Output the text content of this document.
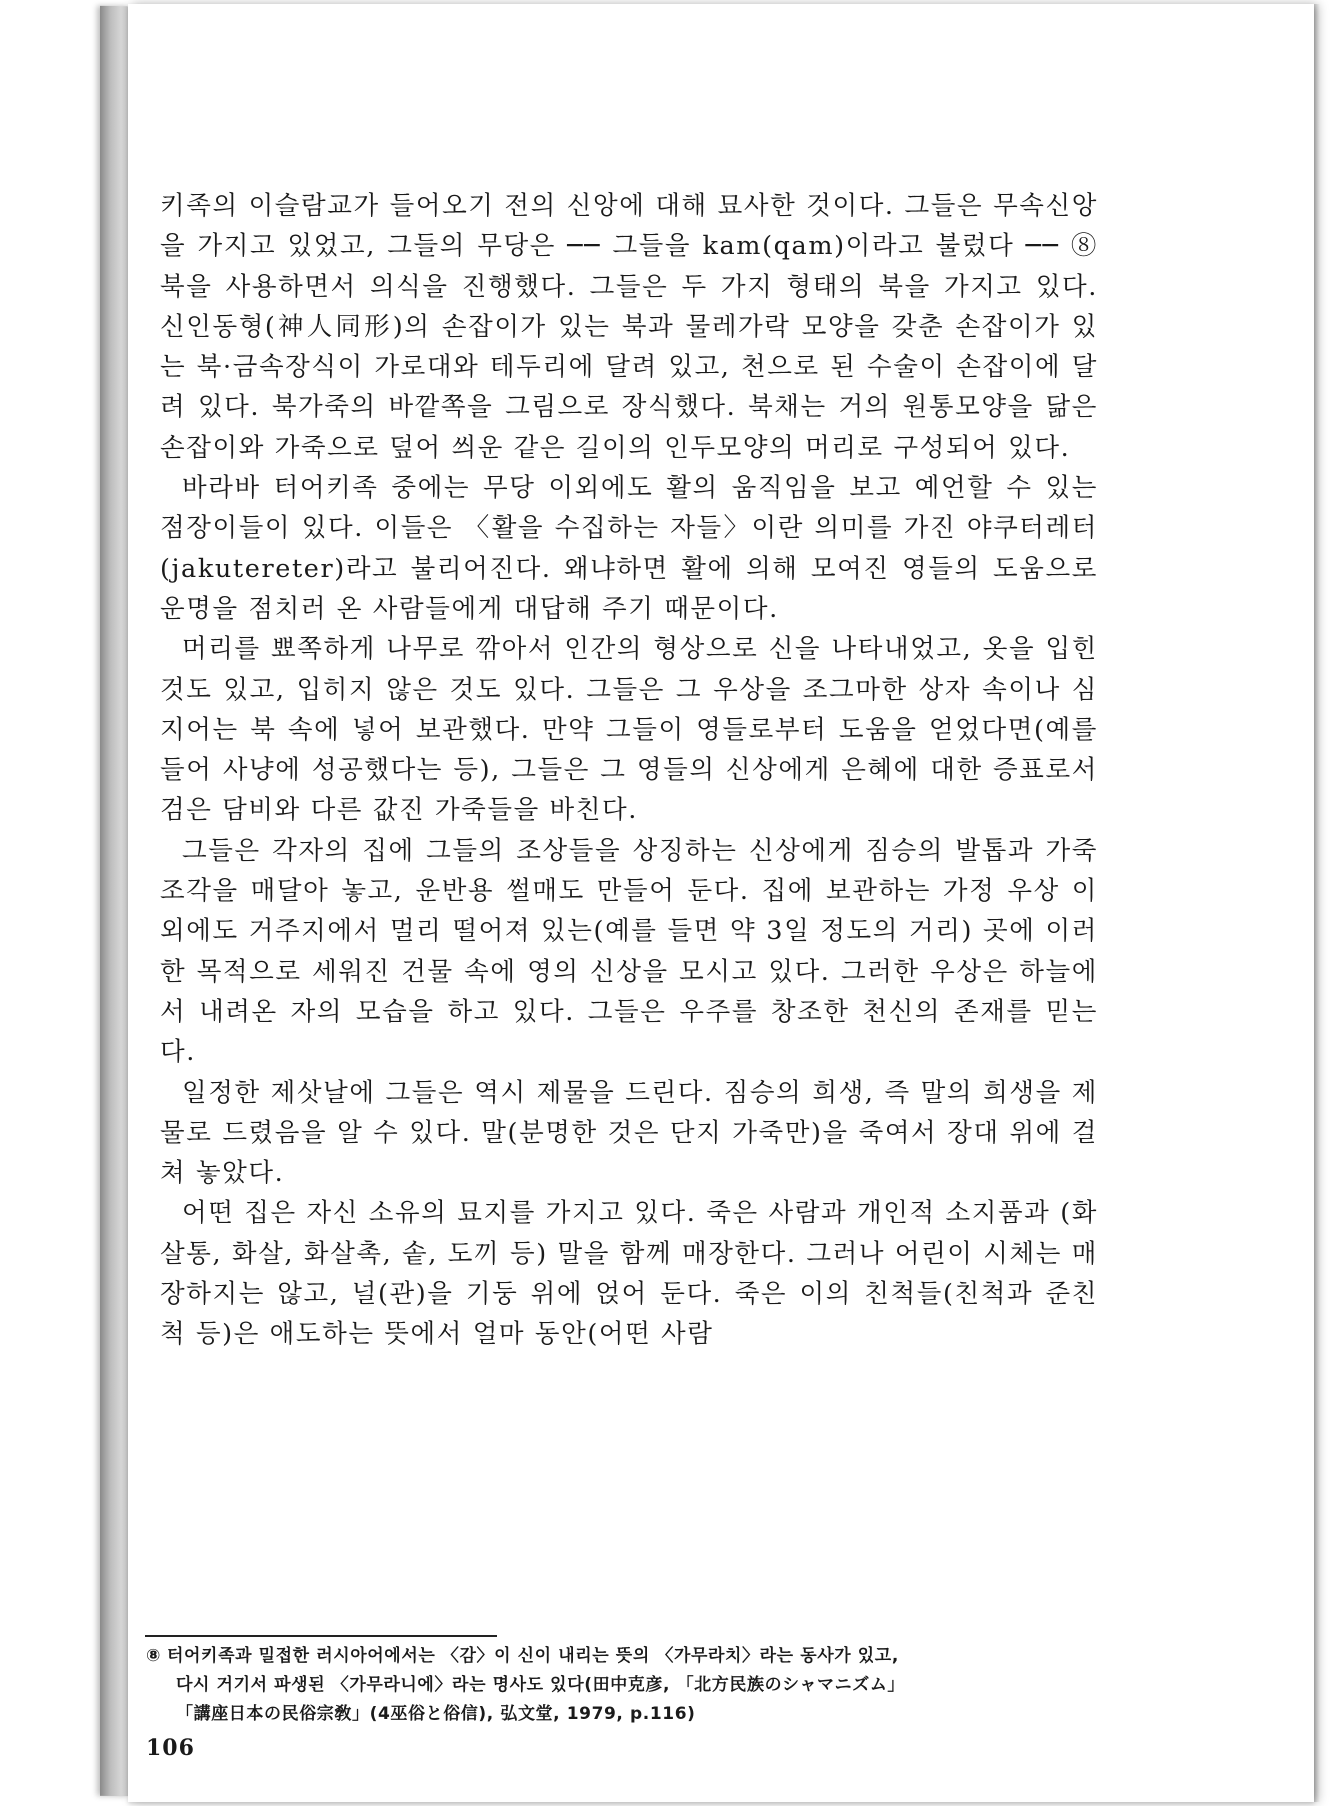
키족의 이슬람교가 들어오기 전의 신앙에 대해 묘사한 것이다. 그들은 무속신앙을 가지고 있었고, 그들의 무당은 ── 그들을 kam(qam)이라고 불렀다 ── ⑧북을 사용하면서 의식을 진행했다. 그들은 두 가지 형태의 북을 가지고 있다. 신인동형(神人同形)의 손잡이가 있는 북과 물레가락 모양을 갖춘 손잡이가 있는 북·금속장식이 가로대와 테두리에 달려 있고, 천으로 된 수술이 손잡이에 달려 있다. 북가죽의 바깥쪽을 그림으로 장식했다. 북채는 거의 원통모양을 닮은 손잡이와 가죽으로 덮어 씌운 같은 길이의 인두모양의 머리로 구성되어 있다.

바라바 터어키족 중에는 무당 이외에도 활의 움직임을 보고 예언할 수 있는 점장이들이 있다. 이들은 〈활을 수집하는 자들〉이란 의미를 가진 야쿠터레터(jakutereter)라고 불리어진다. 왜냐하면 활에 의해 모여진 영들의 도움으로 운명을 점치러 온 사람들에게 대답해 주기 때문이다.

머리를 뾰쪽하게 나무로 깎아서 인간의 형상으로 신을 나타내었고, 옷을 입힌 것도 있고, 입히지 않은 것도 있다. 그들은 그 우상을 조그마한 상자 속이나 심지어는 북 속에 넣어 보관했다. 만약 그들이 영들로부터 도움을 얻었다면(예를 들어 사냥에 성공했다는 등), 그들은 그 영들의 신상에게 은혜에 대한 증표로서 검은 담비와 다른 값진 가죽들을 바친다.

그들은 각자의 집에 그들의 조상들을 상징하는 신상에게 짐승의 발톱과 가죽 조각을 매달아 놓고, 운반용 썰매도 만들어 둔다. 집에 보관하는 가정 우상 이외에도 거주지에서 멀리 떨어져 있는(예를 들면 약 3일 정도의 거리) 곳에 이러한 목적으로 세워진 건물 속에 영의 신상을 모시고 있다. 그러한 우상은 하늘에서 내려온 자의 모습을 하고 있다. 그들은 우주를 창조한 천신의 존재를 믿는다.

일정한 제삿날에 그들은 역시 제물을 드린다. 짐승의 희생, 즉 말의 희생을 제물로 드렸음을 알 수 있다. 말(분명한 것은 단지 가죽만)을 죽여서 장대 위에 걸쳐 놓았다.

어떤 집은 자신 소유의 묘지를 가지고 있다. 죽은 사람과 개인적 소지품과 (화살통, 화살, 화살촉, 솥, 도끼 등) 말을 함께 매장한다. 그러나 어린이 시체는 매장하지는 않고, 널(관)을 기둥 위에 얹어 둔다. 죽은 이의 친척들(친척과 준친척 등)은 애도하는 뜻에서 얼마 동안(어떤 사람

⑧ 터어키족과 밀접한 러시아어에서는 〈감〉이 신이 내리는 뜻의 〈가무라치〉라는 동사가 있고,
다시 거기서 파생된 〈가무라니에〉라는 명사도 있다(田中克彦, 「北方民族のシャマニズム」
「講座日本の民俗宗敎」(4巫俗と俗信), 弘文堂, 1979, p.116)
106
